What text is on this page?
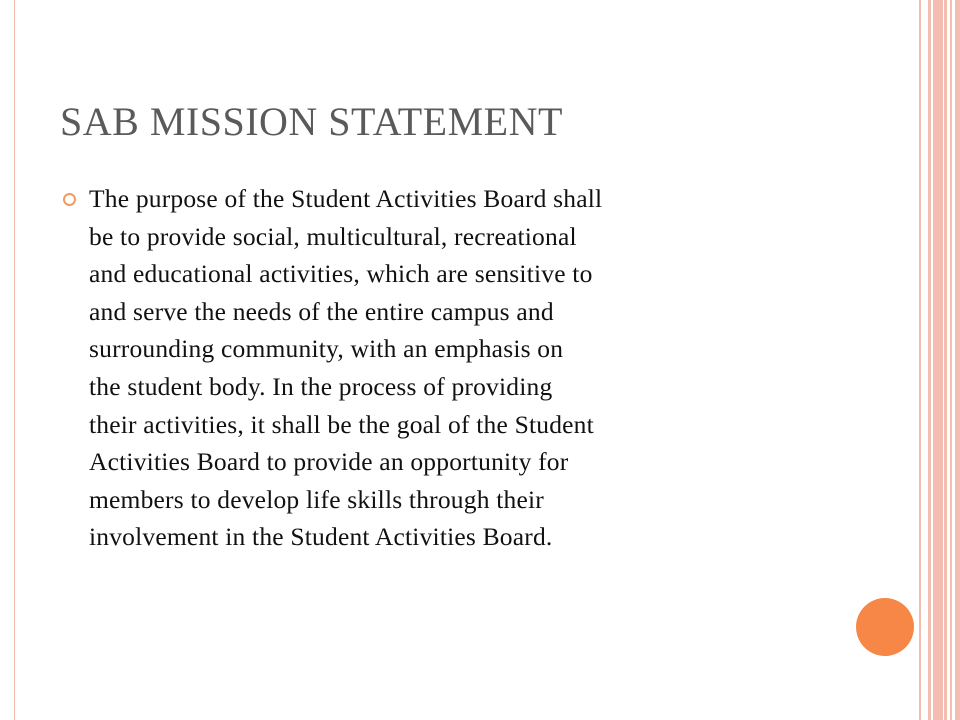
SAB MISSION STATEMENT
The purpose of the Student Activities Board shall
be to provide social, multicultural, recreational
and educational activities, which are sensitive to
and serve the needs of the entire campus and
surrounding community, with an emphasis on
the student body. In the process of providing
their activities, it shall be the goal of the Student
Activities Board to provide an opportunity for
members to develop life skills through their
involvement in the Student Activities Board.
